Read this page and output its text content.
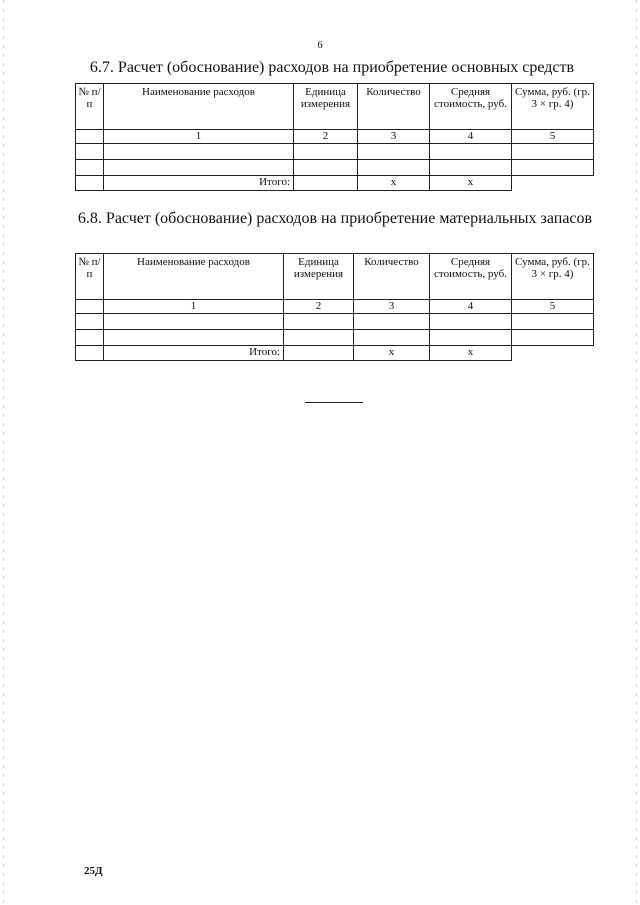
6
6.7. Расчет (обоснование) расходов на приобретение основных средств
№ п/п	Наименование расходов	Единица измерения	Количество	Средняя стоимость, руб.	Сумма, руб. (гр. 3 × гр. 4)
	1	2	3	4	5

	Итого:		х	х	
6.8. Расчет (обоснование) расходов на приобретение материальных запасов
№ п/п	Наименование расходов	Единица измерения	Количество	Средняя стоимость, руб.	Сумма, руб. (гр. 3 × гр. 4)
	1	2	3	4	5

	Итого:		х	х	
25Д
